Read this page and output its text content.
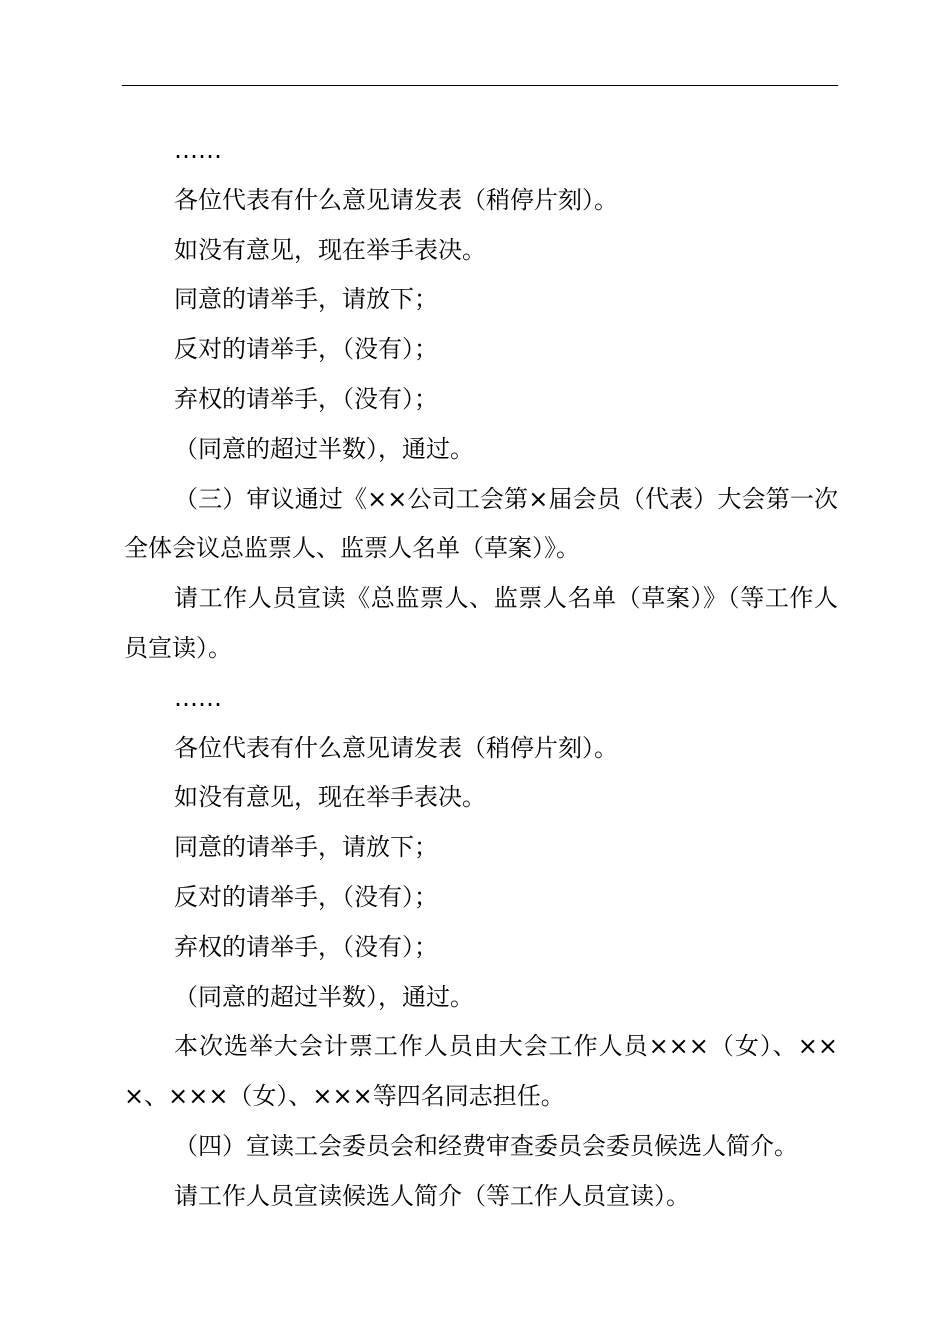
……

各位代表有什么意见请发表（稍停片刻）。

如没有意见，现在举手表决。

同意的请举手，请放下；

反对的请举手，（没有）；

弃权的请举手，（没有）；

（同意的超过半数），通过。

（三）审议通过《××公司工会第×届会员（代表）大会第一次全体会议总监票人、监票人名单（草案）》。

请工作人员宣读《总监票人、监票人名单（草案）》（等工作人员宣读）。

……

各位代表有什么意见请发表（稍停片刻）。

如没有意见，现在举手表决。

同意的请举手，请放下；

反对的请举手，（没有）；

弃权的请举手，（没有）；

（同意的超过半数），通过。

本次选举大会计票工作人员由大会工作人员×××（女）、×××、×××（女）、×××等四名同志担任。

（四）宣读工会委员会和经费审查委员会委员候选人简介。

请工作人员宣读候选人简介（等工作人员宣读）。
